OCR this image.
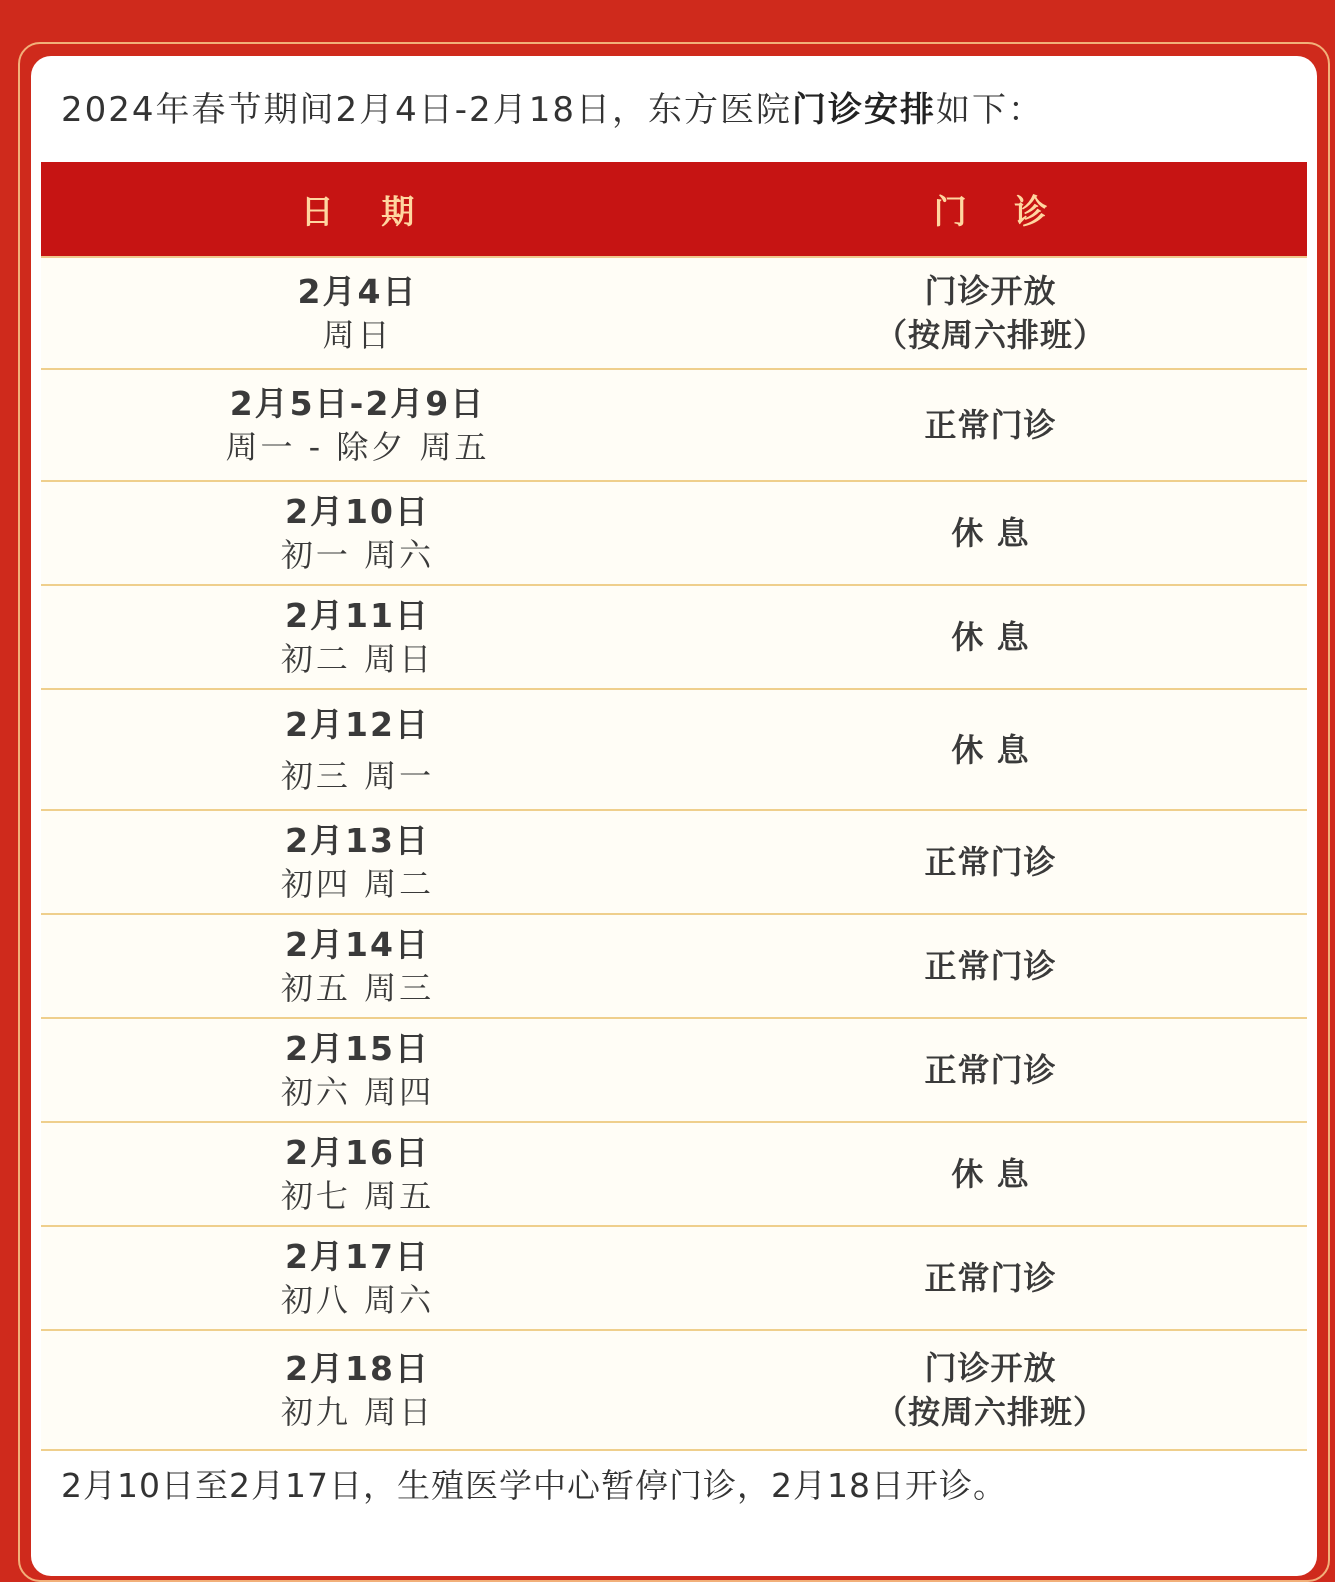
2024年春节期间2月4日-2月18日，东方医院门诊安排如下：
日 期	门 诊
2月4日
周日
门诊开放
（按周六排班）
2月5日-2月9日
周一 - 除夕 周五
正常门诊
2月10日
初一 周六
休 息
2月11日
初二 周日
休 息
2月12日
初三 周一
休 息
2月13日
初四 周二
正常门诊
2月14日
初五 周三
正常门诊
2月15日
初六 周四
正常门诊
2月16日
初七 周五
休 息
2月17日
初八 周六
正常门诊
2月18日
初九 周日
门诊开放
（按周六排班）
2月10日至2月17日，生殖医学中心暂停门诊，2月18日开诊。
